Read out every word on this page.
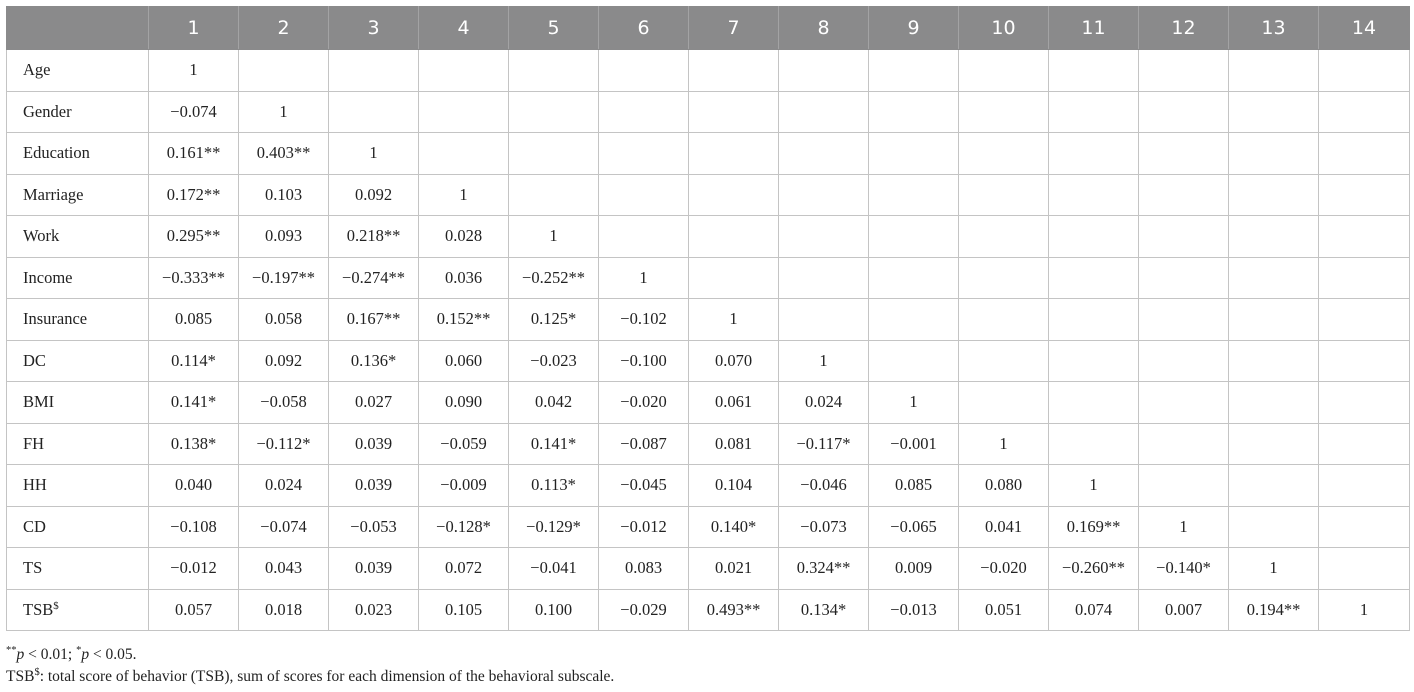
	1	2	3	4	5	6	7	8	9	10	11	12	13	14
Age	1													
Gender	−0.074	1												
Education	0.161**	0.403**	1											
Marriage	0.172**	0.103	0.092	1										
Work	0.295**	0.093	0.218**	0.028	1									
Income	−0.333**	−0.197**	−0.274**	0.036	−0.252**	1								
Insurance	0.085	0.058	0.167**	0.152**	0.125*	−0.102	1							
DC	0.114*	0.092	0.136*	0.060	−0.023	−0.100	0.070	1						
BMI	0.141*	−0.058	0.027	0.090	0.042	−0.020	0.061	0.024	1					
FH	0.138*	−0.112*	0.039	−0.059	0.141*	−0.087	0.081	−0.117*	−0.001	1				
HH	0.040	0.024	0.039	−0.009	0.113*	−0.045	0.104	−0.046	0.085	0.080	1			
CD	−0.108	−0.074	−0.053	−0.128*	−0.129*	−0.012	0.140*	−0.073	−0.065	0.041	0.169**	1		
TS	−0.012	0.043	0.039	0.072	−0.041	0.083	0.021	0.324**	0.009	−0.020	−0.260**	−0.140*	1	
TSB$	0.057	0.018	0.023	0.105	0.100	−0.029	0.493**	0.134*	−0.013	0.051	0.074	0.007	0.194**	1
**p < 0.01; *p < 0.05.
TSB$: total score of behavior (TSB), sum of scores for each dimension of the behavioral subscale.
